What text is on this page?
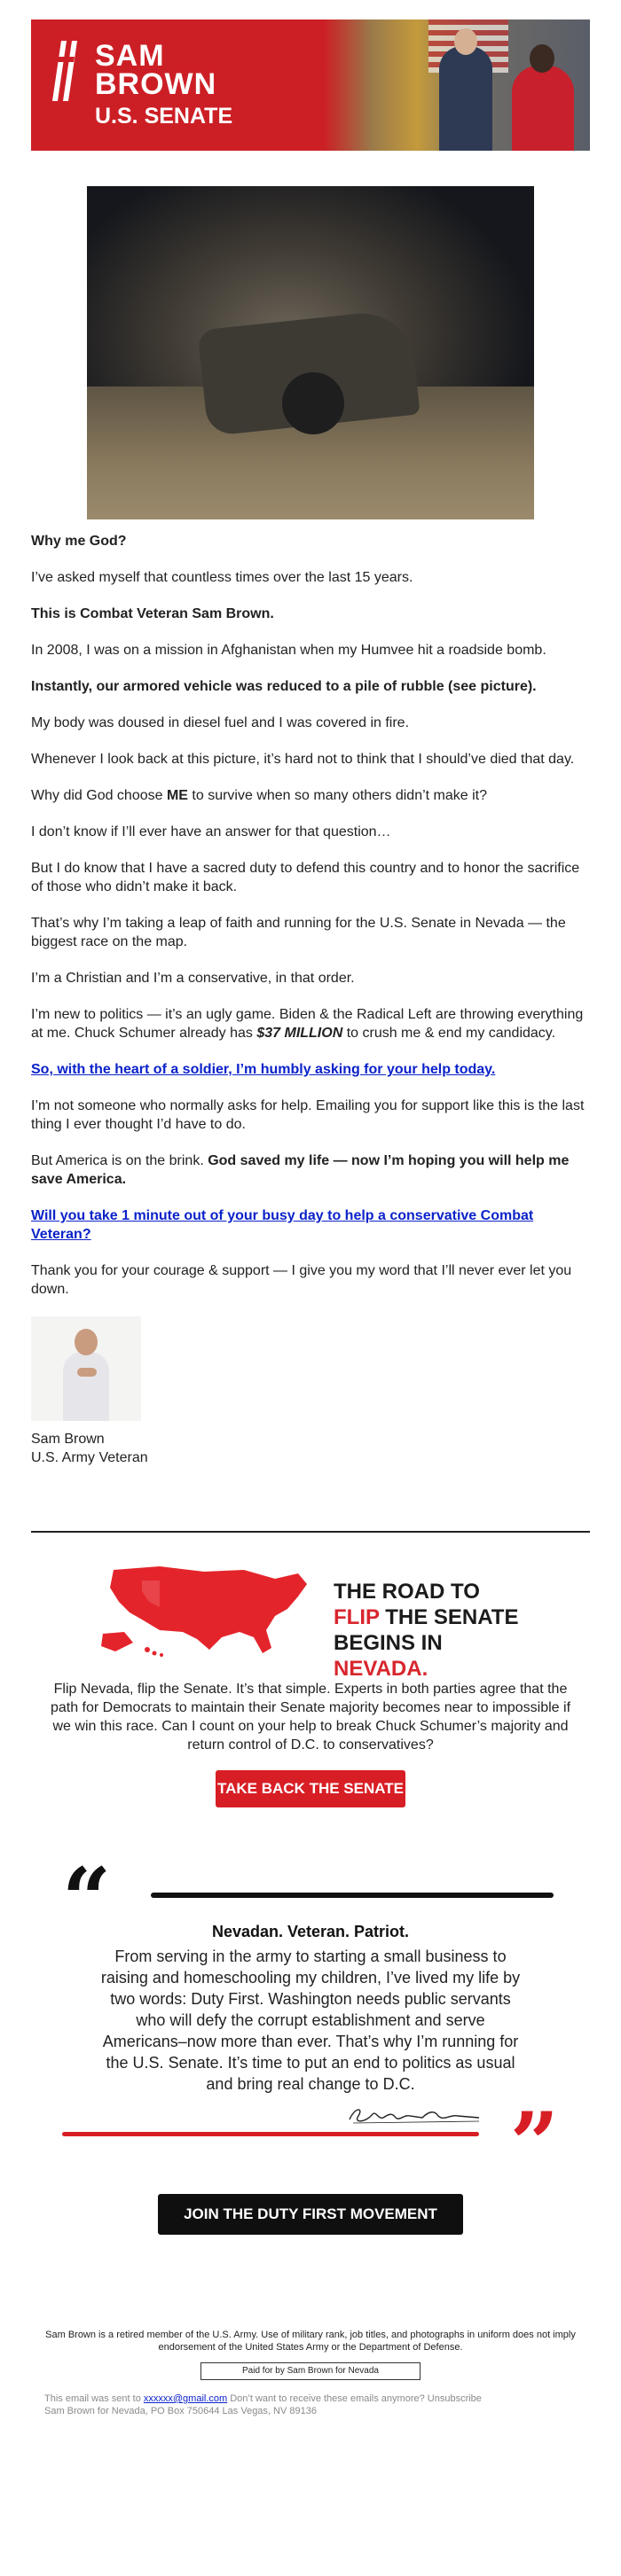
SAM
BROWN
U.S. SENATE

Why me God?

I’ve asked myself that countless times over the last 15 years.

This is Combat Veteran Sam Brown.

In 2008, I was on a mission in Afghanistan when my Humvee hit a roadside bomb.

Instantly, our armored vehicle was reduced to a pile of rubble (see picture).

My body was doused in diesel fuel and I was covered in fire.

Whenever I look back at this picture, it’s hard not to think that I should’ve died that day.

Why did God choose ME to survive when so many others didn’t make it?

I don’t know if I’ll ever have an answer for that question…

But I do know that I have a sacred duty to defend this country and to honor the sacrifice of those who didn’t make it back.

That’s why I’m taking a leap of faith and running for the U.S. Senate in Nevada — the biggest race on the map.

I’m a Christian and I’m a conservative, in that order.

I’m new to politics — it’s an ugly game. Biden & the Radical Left are throwing everything at me. Chuck Schumer already has $37 MILLION to crush me & end my candidacy.

So, with the heart of a soldier, I’m humbly asking for your help today.

I’m not someone who normally asks for help. Emailing you for support like this is the last thing I ever thought I’d have to do.

But America is on the brink. God saved my life — now I’m hoping you will help me save America.

Will you take 1 minute out of your busy day to help a conservative Combat Veteran?

Thank you for your courage & support — I give you my word that I’ll never ever let you down.

Sam Brown
U.S. Army Veteran
THE ROAD TO
FLIP THE SENATE
BEGINS IN NEVADA.
Flip Nevada, flip the Senate. It’s that simple. Experts in both parties agree that the path for Democrats to maintain their Senate majority becomes near to impossible if we win this race. Can I count on your help to break Chuck Schumer’s majority and return control of D.C. to conservatives?
TAKE BACK THE SENATE
“	Nevadan. Veteran. Patriot.
From serving in the army to starting a small business to raising and homeschooling my children, I’ve lived my life by two words: Duty First. Washington needs public servants who will defy the corrupt establishment and serve Americans–now more than ever. That’s why I’m running for the U.S. Senate. It’s time to put an end to politics as usual and bring real change to D.C.
”
JOIN THE DUTY FIRST MOVEMENT
Sam Brown is a retired member of the U.S. Army. Use of military rank, job titles, and photographs in uniform does not imply endorsement of the United States Army or the Department of Defense.
Paid for by Sam Brown for Nevada
This email was sent to xxxxxx@gmail.com Don’t want to receive these emails anymore? Unsubscribe
Sam Brown for Nevada, PO Box 750644 Las Vegas, NV 89136
